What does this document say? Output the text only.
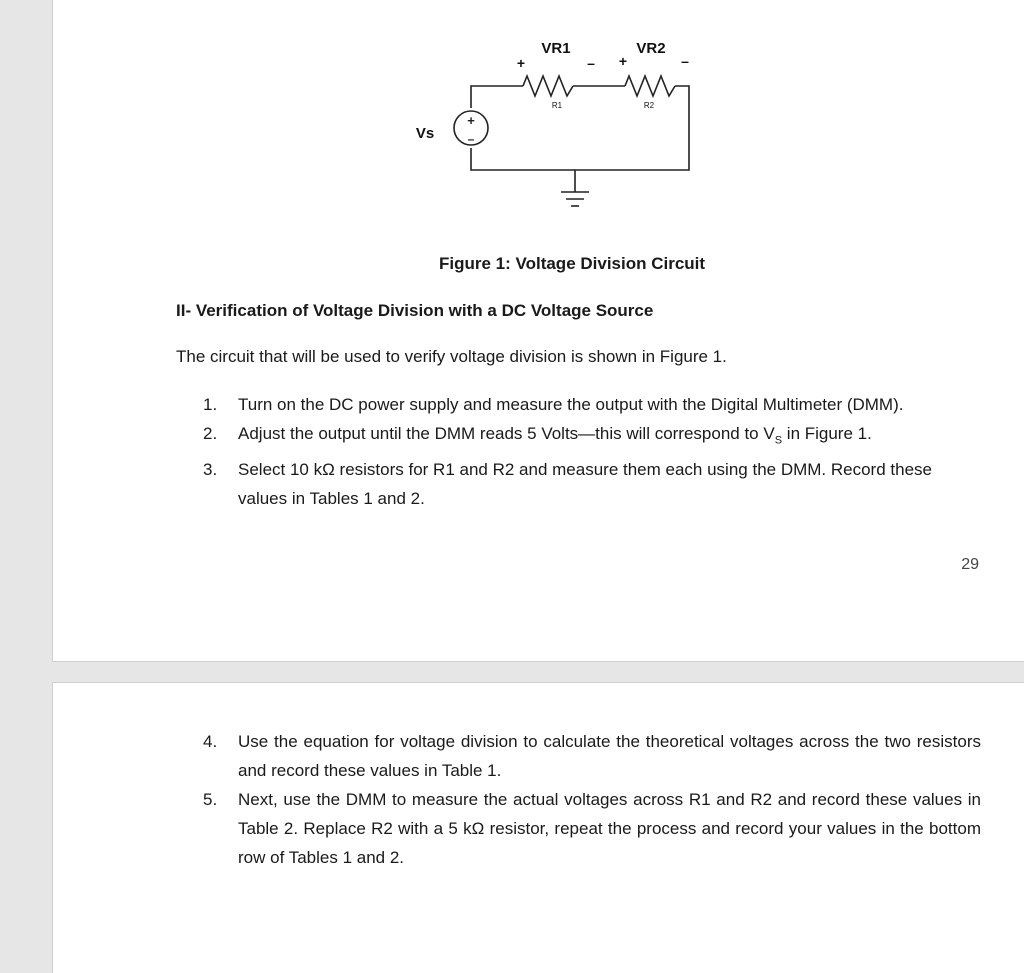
+
–
VR1
+	–
VR2
+	–
R1	R2
Vs

Figure 1: Voltage Division Circuit

II- Verification of Voltage Division with a DC Voltage Source

The circuit that will be used to verify voltage division is shown in Figure 1.

1. Turn on the DC power supply and measure the output with the Digital Multimeter (DMM).
2. Adjust the output until the DMM reads 5 Volts—this will correspond to $V_S$ in Figure 1.
3. Select 10 kΩ resistors for R1 and R2 and measure them each using the DMM. Record these values in Tables 1 and 2.

29

4. Use the equation for voltage division to calculate the theoretical voltages across the two resistors and record these values in Table 1.
5. Next, use the DMM to measure the actual voltages across R1 and R2 and record these values in Table 2. Replace R2 with a 5 kΩ resistor, repeat the process and record your values in the bottom row of Tables 1 and 2.
